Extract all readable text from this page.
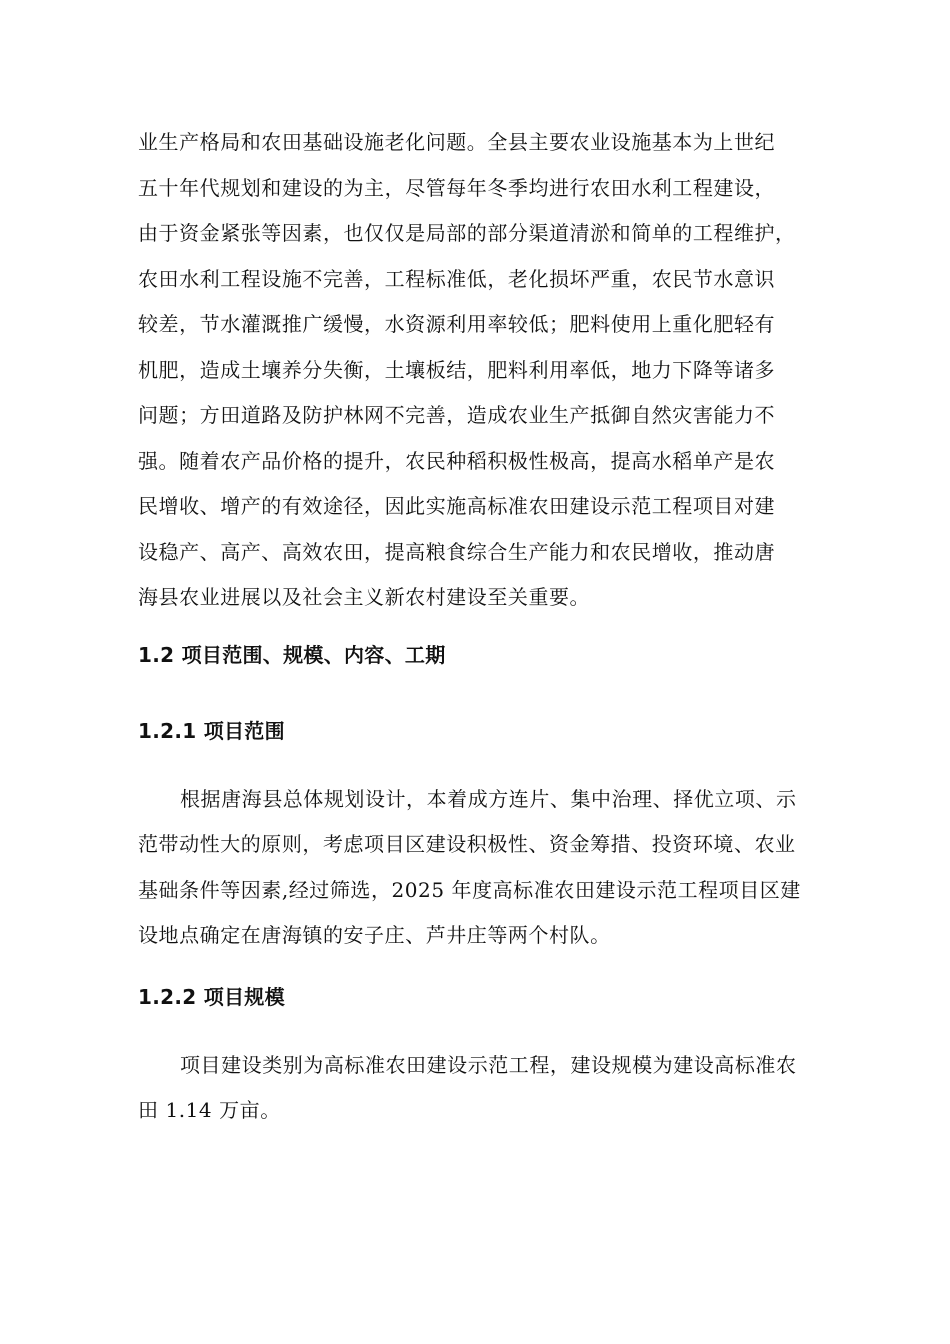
业生产格局和农田基础设施老化问题。全县主要农业设施基本为上世纪
五十年代规划和建设的为主，尽管每年冬季均进行农田水利工程建设，
由于资金紧张等因素，也仅仅是局部的部分渠道清淤和简单的工程维护，
农田水利工程设施不完善，工程标准低，老化损坏严重，农民节水意识
较差，节水灌溉推广缓慢，水资源利用率较低；肥料使用上重化肥轻有
机肥，造成土壤养分失衡，土壤板结，肥料利用率低，地力下降等诸多
问题；方田道路及防护林网不完善，造成农业生产抵御自然灾害能力不
强。随着农产品价格的提升，农民种稻积极性极高，提高水稻单产是农
民增收、增产的有效途径，因此实施高标准农田建设示范工程项目对建
设稳产、高产、高效农田，提高粮食综合生产能力和农民增收，推动唐
海县农业进展以及社会主义新农村建设至关重要。
1.2 项目范围、规模、内容、工期
1.2.1 项目范围
根据唐海县总体规划设计，本着成方连片、集中治理、择优立项、示
范带动性大的原则，考虑项目区建设积极性、资金筹措、投资环境、农业
基础条件等因素,经过筛选，2025 年度高标准农田建设示范工程项目区建
设地点确定在唐海镇的安子庄、芦井庄等两个村队。
1.2.2 项目规模
项目建设类别为高标准农田建设示范工程，建设规模为建设高标准农
田 1.14 万亩。
